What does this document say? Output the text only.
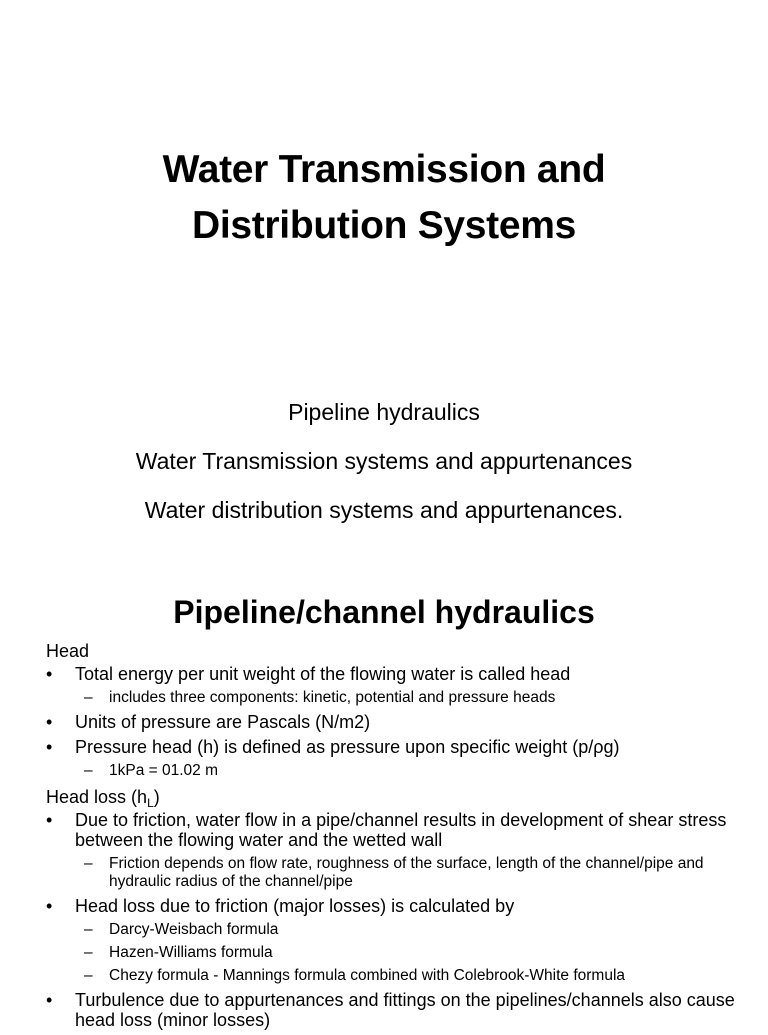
Water Transmission and
Distribution Systems
Pipeline hydraulics
Water Transmission systems and appurtenances
Water distribution systems and appurtenances.
Pipeline/channel hydraulics
Head
• Total energy per unit weight of the flowing water is called head
– includes three components: kinetic, potential and pressure heads
• Units of pressure are Pascals (N/m2)
• Pressure head (h) is defined as pressure upon specific weight (p/ρg)
– 1kPa = 01.02 m
Head loss $(h_L)$
• Due to friction, water flow in a pipe/channel results in development of shear stress between the flowing water and the wetted wall
– Friction depends on flow rate, roughness of the surface, length of the channel/pipe and hydraulic radius of the channel/pipe
• Head loss due to friction (major losses) is calculated by
– Darcy-Weisbach formula
– Hazen-Williams formula
– Chezy formula - Mannings formula combined with Colebrook-White formula
• Turbulence due to appurtenances and fittings on the pipelines/channels also cause head loss (minor losses)
